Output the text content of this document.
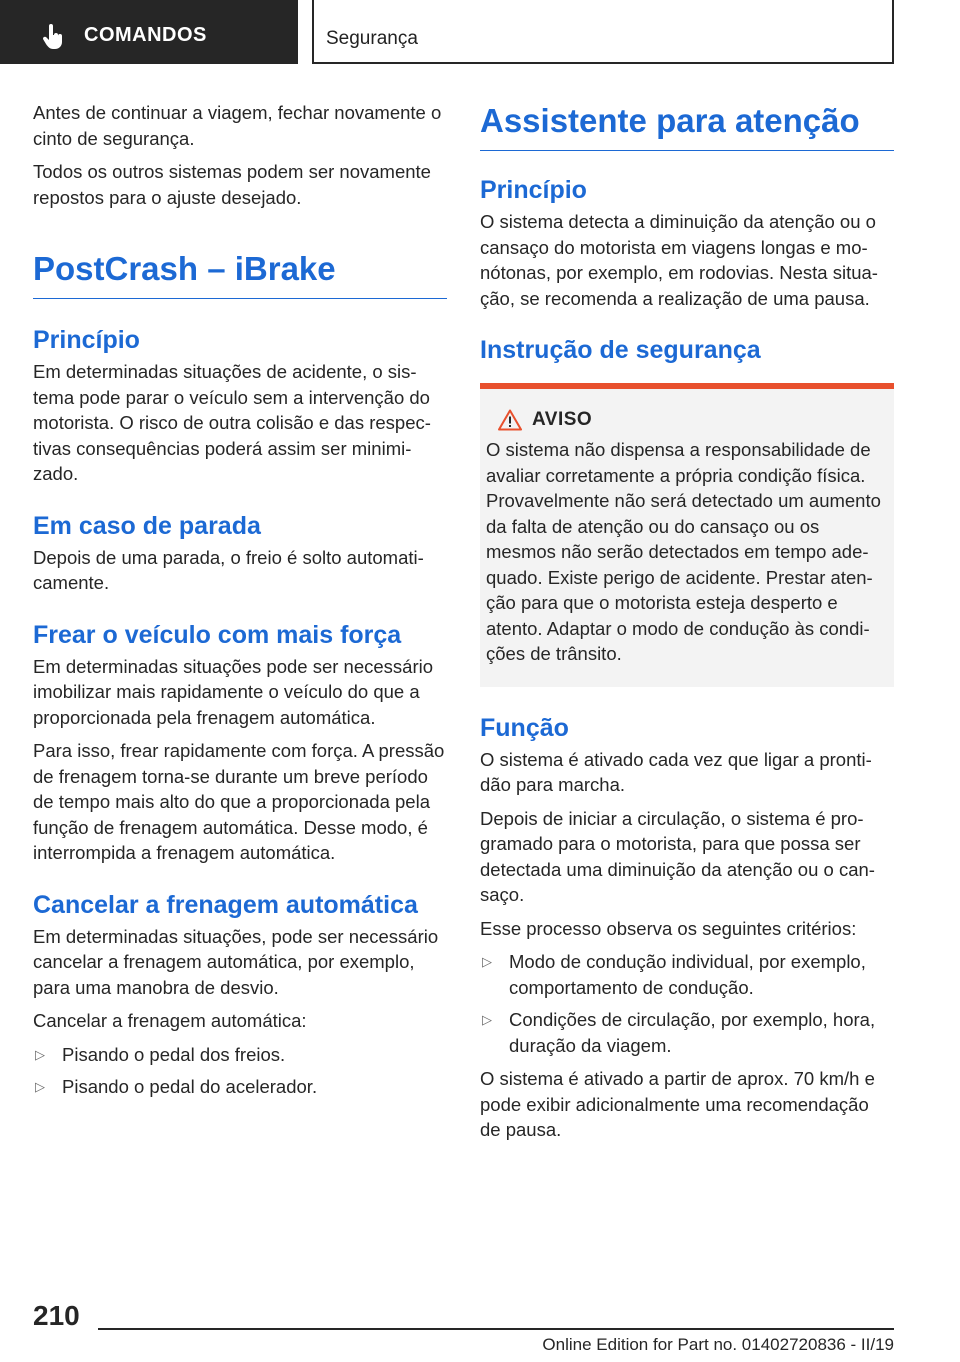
COMANDOS	Segurança

Antes de continuar a viagem, fechar novamente o cinto de segurança.

Todos os outros sistemas podem ser novamente repostos para o ajuste desejado.

PostCrash – iBrake
Princípio

Em determinadas situações de acidente, o sistema pode parar o veículo sem a intervenção do motorista. O risco de outra colisão e das respectivas consequências poderá assim ser minimizado.

Em caso de parada

Depois de uma parada, o freio é solto automaticamente.

Frear o veículo com mais força

Em determinadas situações pode ser necessário imobilizar mais rapidamente o veículo do que a proporcionada pela frenagem automática.

Para isso, frear rapidamente com força. A pressão de frenagem torna-se durante um breve período de tempo mais alto do que a proporcionada pela função de frenagem automática. Desse modo, é interrompida a frenagem automática.

Cancelar a frenagem automática

Em determinadas situações, pode ser necessário cancelar a frenagem automática, por exemplo, para uma manobra de desvio.

Cancelar a frenagem automática:

▷ Pisando o pedal dos freios.
▷ Pisando o pedal do acelerador.
Assistente para atenção
Princípio

O sistema detecta a diminuição da atenção ou o cansaço do motorista em viagens longas e monótonas, por exemplo, em rodovias. Nesta situação, se recomenda a realização de uma pausa.

Instrução de segurança
AVISO

O sistema não dispensa a responsabilidade de avaliar corretamente a própria condição física. Provavelmente não será detectado um aumento da falta de atenção ou do cansaço ou os mesmos não serão detectados em tempo adequado. Existe perigo de acidente. Prestar atenção para que o motorista esteja desperto e atento. Adaptar o modo de condução às condições de trânsito.

Função

O sistema é ativado cada vez que ligar a prontidão para marcha.

Depois de iniciar a circulação, o sistema é programado para o motorista, para que possa ser detectada uma diminuição da atenção ou o cansaço.

Esse processo observa os seguintes critérios:

▷ Modo de condução individual, por exemplo, comportamento de condução.
▷ Condições de circulação, por exemplo, hora, duração da viagem.

O sistema é ativado a partir de aprox. 70 km/h e pode exibir adicionalmente uma recomendação de pausa.

210
Online Edition for Part no. 01402720836 - II/19
